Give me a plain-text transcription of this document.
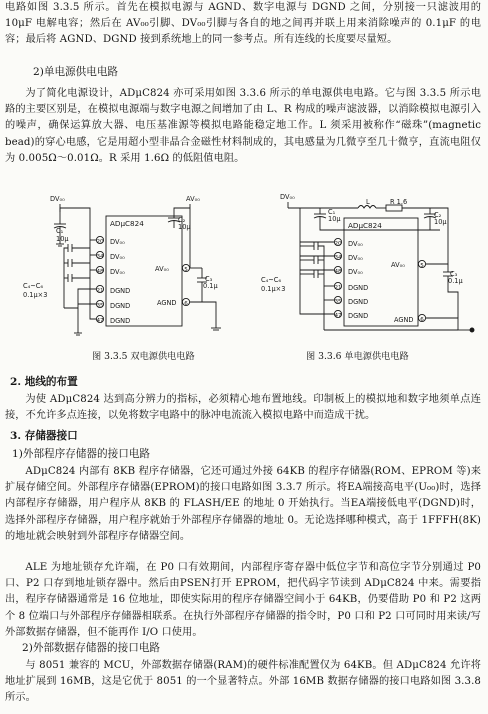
电路如图 3.3.5 所示。首先在模拟电源与 AGND、数字电源与 DGND 之间，分别接一只滤波用的 10μF 电解电容；然后在 AV₀₀引脚、DV₀₀引脚与各自的地之间再并联上用来消除噪声的 0.1μF 的电容；最后将 AGND、DGND 接到系统地上的同一参考点。所有连线的长度要尽量短。
2)单电源供电电路
为了简化电源设计，ADμC824 亦可采用如图 3.3.6 所示的单电源供电电路。它与图 3.3.5 所示电路的主要区别是，在模拟电源端与数字电源之间增加了由 L、R 构成的噪声滤波器，以消除模拟电源引入的噪声，确保运算放大器、电压基准源等模拟电路能稳定地工作。L 须采用被称作“磁珠”(magnetic bead)的穿心电感，它是用超小型非晶合金磁性材料制成的，其电感量为几微亨至几十微亨，直流电阻仅为 0.005Ω～0.01Ω。R 采用 1.6Ω 的低阻值电阻。
DV₀₀	AV₀₀
C₁
10μ
C₂
10μ
C₃
0.1μ
C₄~C₆
0.1μ×3
ADμC824
DV₀₀
DV₀₀
DV₀₀
DGND
DGND
DGND
AV₀₀
AGND
20
34
48
21
35
47
5
6
图 3.3.5 双电源供电电路
DV₀₀
C₁
10μ
L	R 1.6
C₂
10μ
C₃
0.1μ
C₄~C₆
0.1μ×3
ADμC824
DV₀₀
DV₀₀
DV₀₀
DGND
DGND
DGND
AV₀₀
AGND
20
34
48
21
35
47
5
6
图 3.3.6 单电源供电电路
2. 地线的布置
为使 ADμC824 达到高分辨力的指标，必须精心地布置地线。印制板上的模拟地和数字地须单点连接，不允许多点连接，以免将数字电路中的脉冲电流流入模拟电路中而造成干扰。
3. 存储器接口
1)外部程序存储器的接口电路
ADμC824 内部有 8KB 程序存储器，它还可通过外接 64KB 的程序存储器(ROM、EPROM 等)来扩展存储空间。外部程序存储器(EPROM)的接口电路如图 3.3.7 所示。将EA端接高电平(U₀₀)时，选择内部程序存储器，用户程序从 8KB 的 FLASH/EE 的地址 0 开始执行。当EA端接低电平(DGND)时，选择外部程序存储器，用户程序就始于外部程序存储器的地址 0。无论选择哪种模式，高于 1FFFH(8K)的地址就会映射到外部程序存储器空间。
ALE 为地址锁存允许端，在 P0 口有效期间，内部程序寄存器中低位字节和高位字节分别通过 P0 口、P2 口存到地址锁存器中。然后由PSEN打开 EPROM，把代码字节读到 ADμC824 中来。需要指出，程序存储器通常是 16 位地址，即使实际用的程序存储器空间小于 64KB，仍要借助 P0 和 P2 这两个 8 位端口与外部程序存储器相联系。在执行外部程序存储器的指令时，P0 口和 P2 口可同时用来读/写外部数据存储器，但不能再作 I/O 口使用。
2)外部数据存储器的接口电路
与 8051 兼容的 MCU，外部数据存储器(RAM)的硬件标准配置仅为 64KB。但 ADμC824 允许将地址扩展到 16MB，这是它优于 8051 的一个显著特点。外部 16MB 数据存储器的接口电路如图 3.3.8 所示。
